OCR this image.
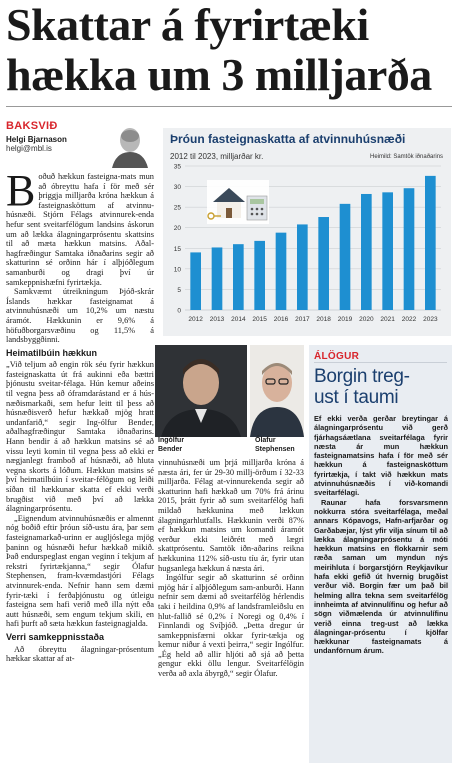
Skattar á fyrirtæki hækka um 3 milljarða
BAKSVIÐ
Helgi Bjarnason
helgi@mbl.is
B oðuð hækkun fasteigna-mats mun að óbreyttu hafa í för með sér þriggja milljarða króna hækkun á fasteignasköttum af atvinnu-húsnæði. Stjórn Félags atvinnurek-enda hefur sent sveitarfélögum landsins áskorun um að lækka álagningarprósentu skattsins til að mæta hækkun matsins. Aðal-hagfræðingur Samtaka iðnaðarins segir að skatturinn sé orðinn hár í alþjóðlegum samanburði og dragi því úr samkeppnishæfni fyrirtækja.

Samkvæmt útreikningum Þjóð-skrár Íslands hækkar fasteignamat á atvinnuhúsnæði um 10,2% um næstu áramót. Hækkunin er 9,6% á höfuðborgarsvæðinu og 11,5% á landsbyggðinni.

Heimatilbúin hækkun

„Við teljum að engin rök séu fyrir hækkun fasteignaskatta út frá aukinni eða bættri þjónustu sveitar-félaga. Hún kemur aðeins til vegna þess að óframdarástand er á hús-næðismarkaði, sem hefur leitt til þess að húsnæðisverð hefur hækkað mjög hratt undanfarið,“ segir Ing-ólfur Bender, aðalhagfræðingur Samtaka iðnaðarins. Hann bendir á að hækkun matsins sé að vissu leyti komin til vegna þess að ekki er nægjanlegt framboð af húsnæði, að hluta vegna skorts á lóðum. Hækkun matsins sé því heimatilbúin í sveitar-félögum og leiði síðan til hækkunar skatta ef ekki verði brugðist við með því að lækka álagningarprósentu.

„Eignendum atvinnuhúsnæðis er almennt nóg boðið eftir þróun síð-ustu ára, þar sem fasteignamarkað-urinn er augljóslega mjög þaninn og húsnæði hefur hækkað mikið. Það endurspeglast engan veginn í tekjum af rekstri fyrirtækjanna,“ segir Ólafur Stephensen, fram-kvæmdastjóri Félags atvinnurek-enda. Nefnir hann sem dæmi fyrir-tæki í ferðaþjónustu og útleigu fasteigna sem hafi verið með illa nýtt eða autt húsnæði, sem engum tekjum skili, en hafi þurft að sæta hækkun fasteignagjalda.

Verri samkeppnisstaða

Að óbreyttu álagningar-prósentum hækkar skattar af at-

Þróun fasteignaskatta af atvinnuhúsnæði
2012 til 2023, milljarðar kr.	Heimild: Samtök iðnaðarins
0
5
10
15
20
25
30
35
2012 2013 2014 2015 2016 2017 2018 2019 2020 2021 2022 2023
Ingólfur
Bender
Ólafur
Stephensen

vinnuhúsnæði um þrjá milljarða króna á næsta ári, fer úr 29-30 millj-örðum í 32-33 milljarða. Félag at-vinnurekenda segir að skatturinn hafi hækkað um 70% frá árinu 2015, þrátt fyrir að sum sveitarfélög hafi mildað hækkunina með lækkun álagningarhlutfalls. Hækkunin verði 87% ef hækkun matsins um komandi áramót verður ekki leiðrétt með lægri skattprósentu. Samtök iðn-aðarins reikna hækkunina 112% síð-ustu tíu ár, fyrir utan hugsanlega hækkun á næsta ári.

Ingólfur segir að skatturinn sé orðinn mjög hár í alþjóðlegum sam-anburði. Hann nefnir sem dæmi að sveitarfélög hérlendis taki í heildina 0,9% af landsframleiðslu en hlut-fallið sé 0,2% í Noregi og 0,4% í Finnlandi og Svíþjóð. „Þetta dregur úr samkeppnisfærni okkar fyrir-tækja og kemur niður á vexti þeirra,“ segir Ingólfur. „Ég held að allir hljóti að sjá að þetta gengur ekki öllu lengur. Sveitarfélögin verða að axla ábyrgð,“ segir Ólafur.

ÁLÖGUR
Borgin treg-
ust í taumi

Ef ekki verða gerðar breytingar á álagningarprósentu við gerð fjárhagsáætlana sveitarfélaga fyrir næsta ár mun hækkun fasteignamatsins hafa í för með sér hækkun á fasteignasköttum fyrirtækja, í takt við hækkun mats atvinnuhúsnæðis í við-komandi sveitarfélagi.

Raunar hafa forsvarsmenn nokkurra stóra sveitarfélaga, meðal annars Kópavogs, Hafn-arfjarðar og Garðabæjar, lýst yfir vilja sínum til að lækka álagningarprósentu á móti hækkun matsins en flokkarnir sem ræða saman um myndun nýs meirihluta í borgarstjórn Reykjavíkur hafa ekki gefið út hvernig brugðist verður við. Borgin fær um það bil helming allra tekna sem sveitarfélög innheimta af atvinnulífinu og hefur að sögn viðmælenda úr atvinnulífinu verið einna treg-ust að lækka álagningar-prósentu í kjölfar hækkunar fasteignamats á undanförnum árum.
